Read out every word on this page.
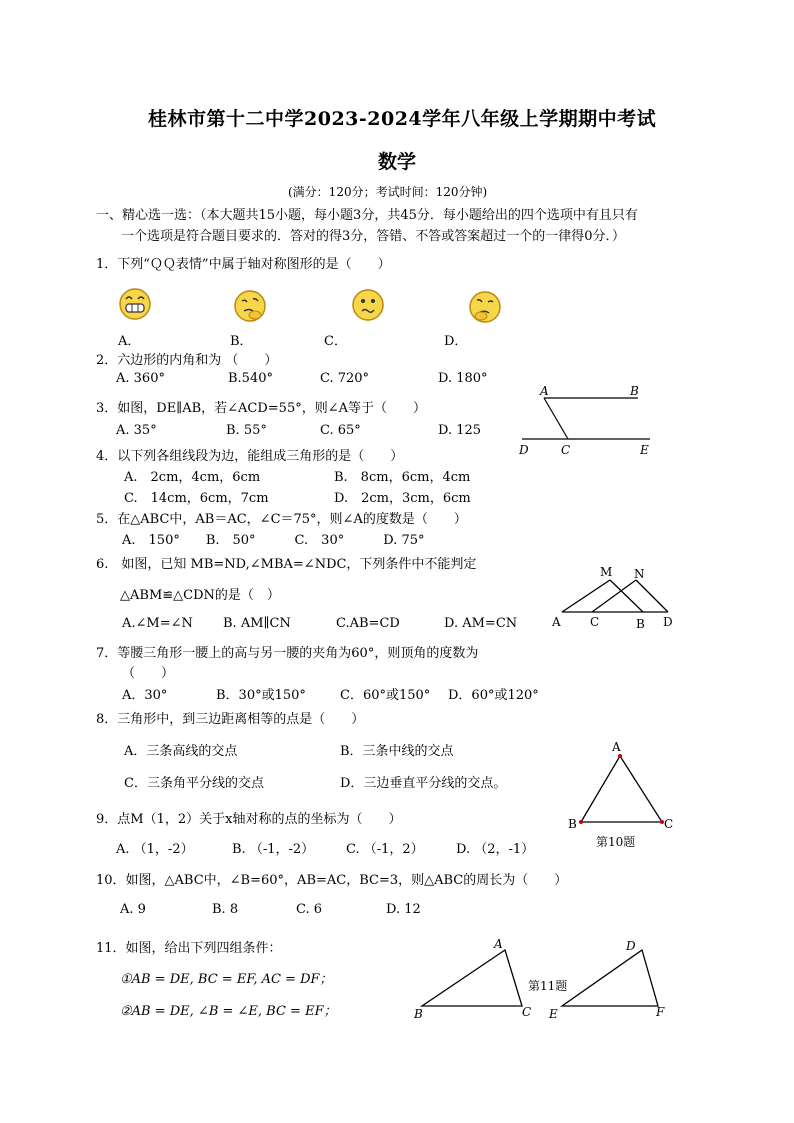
桂林市第十二中学2023-2024学年八年级上学期期中考试
数学
(满分：120分；考试时间：120分钟)
一、精心选一选：（本大题共15小题，每小题3分，共45分．每小题给出的四个选项中有且只有
一个选项是符合题目要求的．答对的得3分，答错、不答或答案超过一个的一律得0分．）
1．下列“ＱＱ表情”中属于轴对称图形的是（　　）
A．	B．	C．	D．
2．六边形的内角和为 （　　）
A. 360°	B.540°	C. 720°	D. 180°
3．如图，DE∥AB，若∠ACD=55°，则∠A等于（　　）
A. 35°	B. 55°	C. 65°	D. 125
A	B
D	C	E
4．以下列各组线段为边，能组成三角形的是（　　）
A.　2cm，4cm，6cm	B.　8cm，6cm，4cm
C.　14cm，6cm，7cm	D.　2cm，3cm，6cm
5．在△ABC中，AB＝AC，∠C＝75°，则∠A的度数是（　　）
A.　150°　　B.　50°　　　C.　30°　　　D. 75°
6.　如图，已知 MB=ND,∠MBA=∠NDC，下列条件中不能判定
△ABM≌△CDN的是（　）
A.∠M=∠N B. AM∥CN	C.AB=CD	D. AM=CN	A C	B D
M N
7．等腰三角形一腰上的高与另一腰的夹角为60°，则顶角的度数为
（　　）
A．30°	B．30°或150°	C．60°或150° D．60°或120°
8．三角形中，到三边距离相等的点是（　　）
A．三条高线的交点	B．三条中线的交点
C．三条角平分线的交点	D．三边垂直平分线的交点。
A
B	C
第10题
9．点M（1，2）关于x轴对称的点的坐标为（　　）
A. （1，-2）	B. （-1，-2） C. （-1，2） D. （2，-1）
10．如图，△ABC中，∠B=60°，AB=AC，BC=3，则△ABC的周长为（　　）
A. 9	B. 8	C. 6	D. 12
11．如图，给出下列四组条件：
①AB = DE, BC = EF, AC = DF；
②AB = DE, ∠B = ∠E, BC = EF；
A
B	C
D
E	F
第11题
